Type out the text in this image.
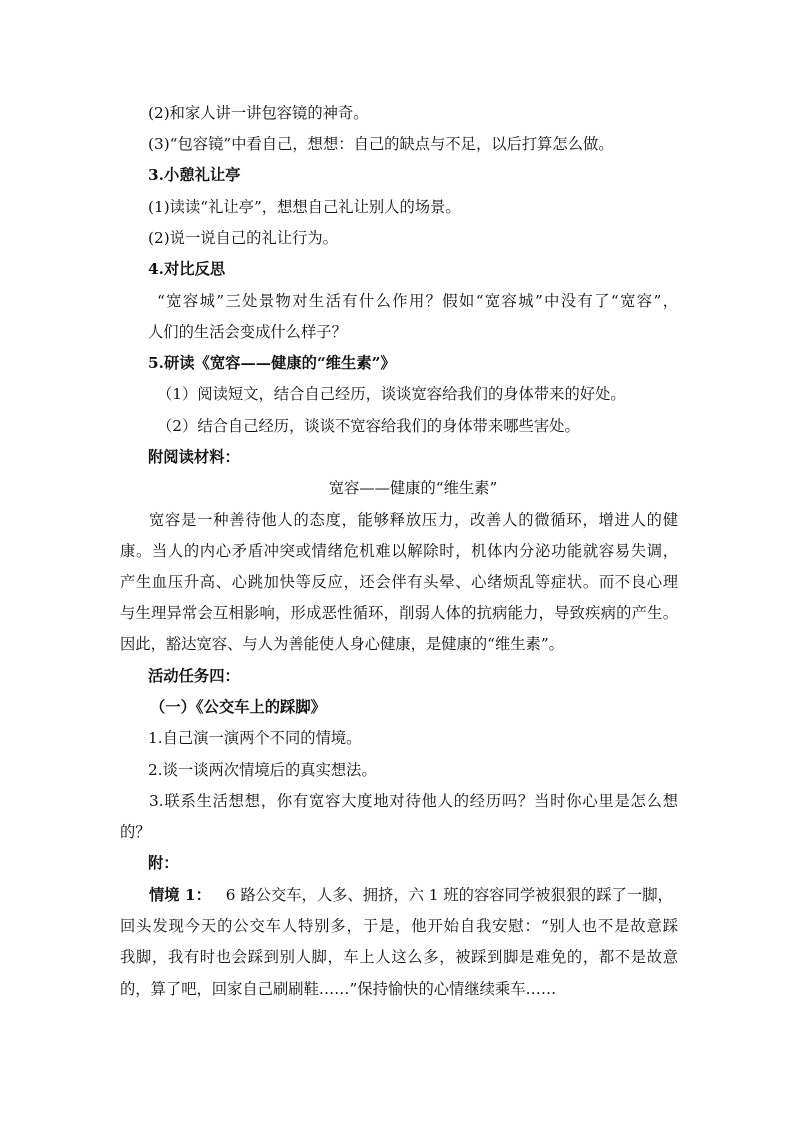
(2)和家人讲一讲包容镜的神奇。
(3)“包容镜”中看自己，想想：自己的缺点与不足，以后打算怎么做。
3.小憩礼让亭
(1)读读“礼让亭”，想想自己礼让别人的场景。
(2)说一说自己的礼让行为。
4.对比反思
“宽容城”三处景物对生活有什么作用？假如“宽容城”中没有了“宽容”，
人们的生活会变成什么样子？
5.研读《宽容——健康的“维生素”》
（1）阅读短文，结合自己经历，谈谈宽容给我们的身体带来的好处。
（2）结合自己经历，谈谈不宽容给我们的身体带来哪些害处。
附阅读材料：
宽容——健康的“维生素”
宽容是一种善待他人的态度，能够释放压力，改善人的微循环，增进人的健
康。当人的内心矛盾冲突或情绪危机难以解除时，机体内分泌功能就容易失调，
产生血压升高、心跳加快等反应，还会伴有头晕、心绪烦乱等症状。而不良心理
与生理异常会互相影响，形成恶性循环，削弱人体的抗病能力，导致疾病的产生。
因此，豁达宽容、与人为善能使人身心健康，是健康的“维生素”。
活动任务四：
（一）《公交车上的踩脚》
1.自己演一演两个不同的情境。
2.谈一谈两次情境后的真实想法。
3.联系生活想想，你有宽容大度地对待他人的经历吗？当时你心里是怎么想
的？
附：
情境 1： 6 路公交车，人多、拥挤，六 1 班的容容同学被狠狠的踩了一脚，
回头发现今天的公交车人特别多，于是，他开始自我安慰：“别人也不是故意踩
我脚，我有时也会踩到别人脚，车上人这么多，被踩到脚是难免的，都不是故意
的，算了吧，回家自己刷刷鞋……”保持愉快的心情继续乘车……
